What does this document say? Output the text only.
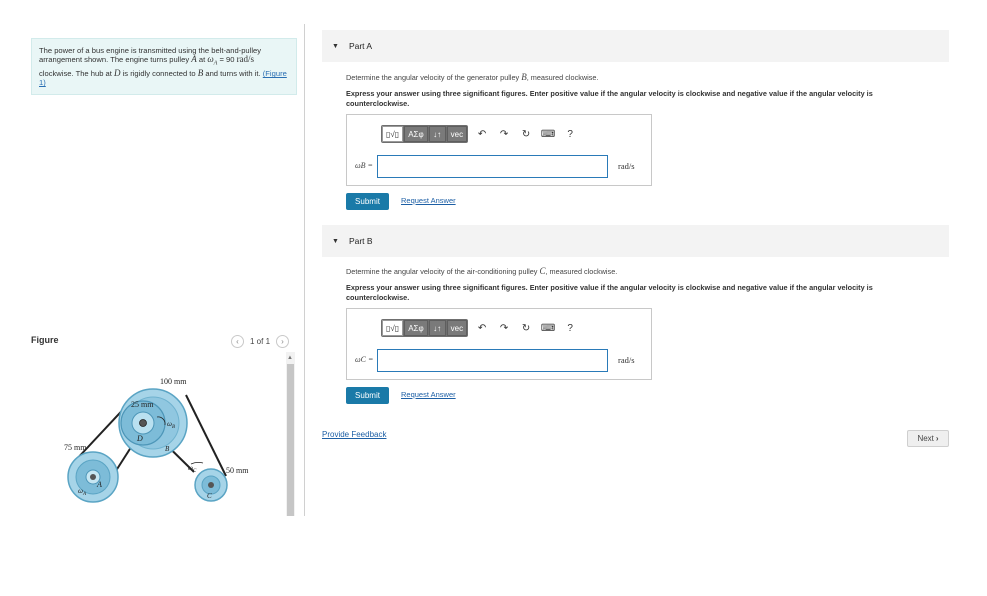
The power of a bus engine is transmitted using the belt-and-pulley arrangement shown. The engine turns pulley A at $\omega_A = 90$ rad/s clockwise. The hub at D is rigidly connected to B and turns with it. (Figure 1)
Figure	‹	1 of 1	›
100 mm
25 mm
75 mm
50 mm
D
B
A
C
$\omega_B$
$\omega_C$
$\omega_A$
▲
▼ Part A
Determine the angular velocity of the generator pulley B, measured clockwise.
Express your answer using three significant figures. Enter positive value if the angular velocity is clockwise and negative value if the angular velocity is counterclockwise.
▯√▯	ΑΣφ	↓↑	vec	↶	↷	↻	⌨	?
ωB =	rad/s
Submit	Request Answer
▼ Part B
Determine the angular velocity of the air-conditioning pulley C, measured clockwise.
Express your answer using three significant figures. Enter positive value if the angular velocity is clockwise and negative value if the angular velocity is counterclockwise.
▯√▯	ΑΣφ	↓↑	vec	↶	↷	↻	⌨	?
ωC =	rad/s
Submit	Request Answer
Provide Feedback	Next ›
